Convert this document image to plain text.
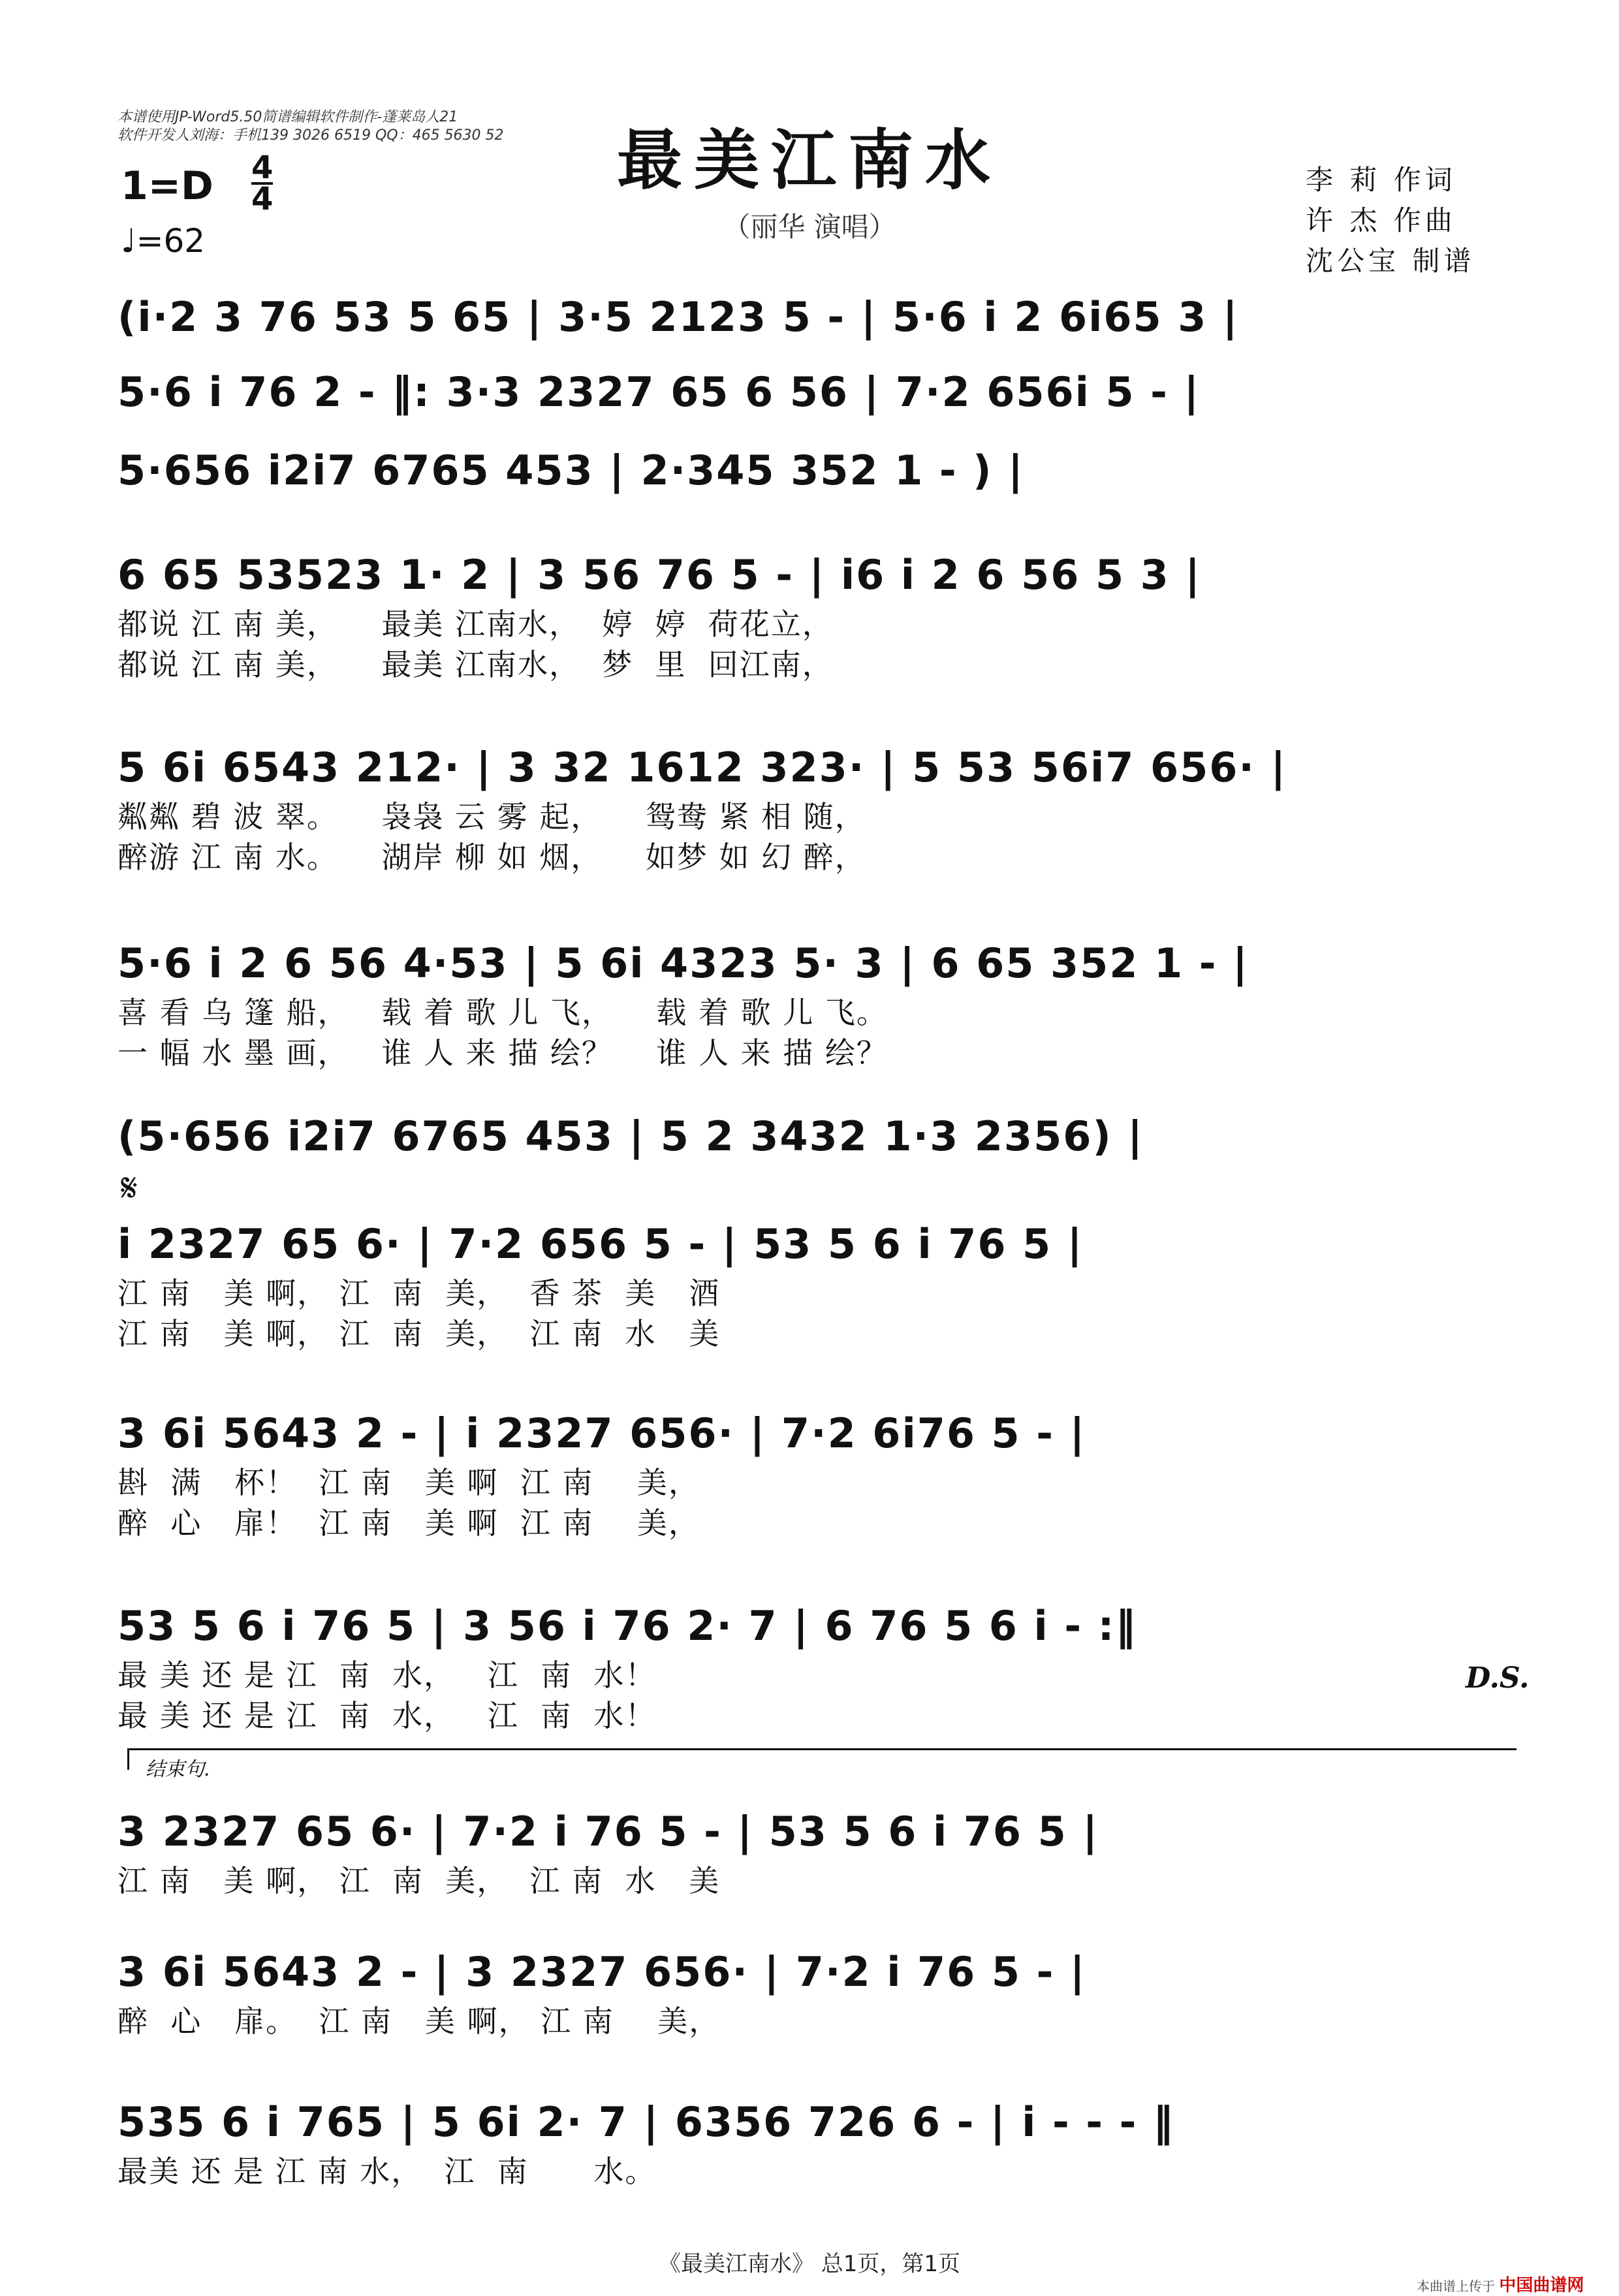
本谱使用JP-Word5.50简谱编辑软件制作-蓬莱岛人21
软件开发人刘海：手机139 3026 6519 QQ：465 5630 52	最美江南水
（丽华 演唱）
1=D 4
4
♩=62
李 莉 作词
许 杰 作曲
沈公宝 制谱
(i·2 3 76 53 5 65 | 3·5 2123 5 - | 5·6 i 2 6i65 3 |
5·6 i 76 2 - ‖: 3·3 2327 65 6 56 | 7·2 656i 5 - |
5·656 i2i7 6765 453 | 2·345 352 1 - ) |
6 65 53523 1· 2 | 3 56 76 5 - | i6 i 2 6 56 5 3 |
都说 江 南 美，    最美 江南水，  婷  婷  荷花立，
都说 江 南 美，    最美 江南水，  梦  里  回江南，
5 6i 6543 212· | 3 32 1612 323· | 5 53 56i7 656· |
粼粼 碧 波 翠。    袅袅 云 雾 起，    鸳鸯 紧 相 随，
醉游 江 南 水。    湖岸 柳 如 烟，    如梦 如 幻 醉，
5·6 i 2 6 56 4·53 | 5 6i 4323 5· 3 | 6 65 352 1 - |
喜 看 乌 篷 船，   载 着 歌 儿 飞，    载 着 歌 儿 飞。
一 幅 水 墨 画，   谁 人 来 描 绘？    谁 人 来 描 绘？
(5·656 i2i7 6765 453 | 5 2 3432 1·3 2356) |
𝄋
i 2327 65 6· | 7·2 656 5 - | 53 5 6 i 76 5 |
江 南   美 啊， 江  南  美，  香 茶  美   酒
江 南   美 啊， 江  南  美，  江 南  水   美
3 6i 5643 2 - | i 2327 656· | 7·2 6i76 5 - |
斟  满   杯！  江 南   美 啊  江 南    美，
醉  心   扉！  江 南   美 啊  江 南    美，
53 5 6 i 76 5 | 3 56 i 76 2· 7 | 6 76 5 6 i - :‖
最 美 还 是 江  南  水，   江  南  水！
最 美 还 是 江  南  水，   江  南  水！
D.S.
结束句.
3 2327 65 6· | 7·2 i 76 5 - | 53 5 6 i 76 5 |
江 南   美 啊， 江  南  美，  江 南  水   美
3 6i 5643 2 - | 3 2327 656· | 7·2 i 76 5 - |
醉  心   扉。  江 南   美 啊， 江 南    美，
535 6 i 765 | 5 6i 2· 7 | 6356 726 6 - | i - - - ‖
最美 还 是 江 南 水，  江  南      水。
《最美江南水》 总1页，第1页
本曲谱上传于 中国曲谱网
